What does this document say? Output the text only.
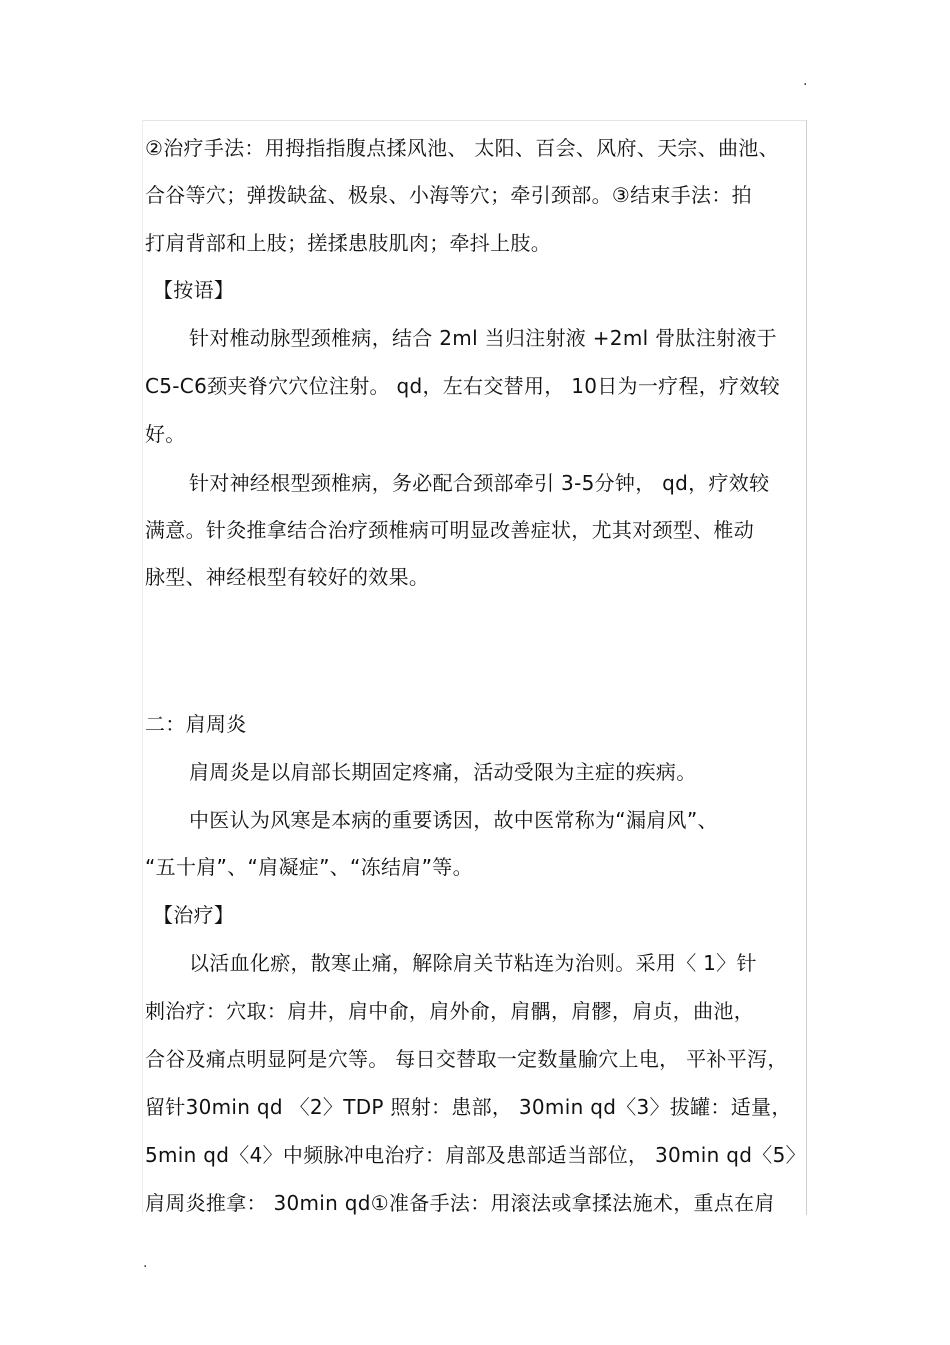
.
.
②治疗手法：用拇指指腹点揉风池、 太阳、百会、风府、天宗、曲池、
合谷等穴；弹拨缺盆、极泉、小海等穴；牵引颈部。③结束手法：拍
打肩背部和上肢；搓揉患肢肌肉；牵抖上肢。
【按语】
针对椎动脉型颈椎病，结合 2ml 当归注射液 +2ml 骨肽注射液于
C5-C6颈夹脊穴穴位注射。 qd，左右交替用， 10日为一疗程，疗效较
好。
针对神经根型颈椎病，务必配合颈部牵引 3-5分钟， qd，疗效较
满意。针灸推拿结合治疗颈椎病可明显改善症状，尤其对颈型、椎动
脉型、神经根型有较好的效果。
二：肩周炎
肩周炎是以肩部长期固定疼痛，活动受限为主症的疾病。
中医认为风寒是本病的重要诱因，故中医常称为“漏肩风”、
“五十肩”、“肩凝症”、“冻结肩”等。
【治疗】
以活血化瘀，散寒止痛，解除肩关节粘连为治则。采用〈 1〉针
刺治疗：穴取：肩井，肩中俞，肩外俞，肩髃，肩髎，肩贞，曲池，
合谷及痛点明显阿是穴等。 每日交替取一定数量腧穴上电， 平补平泻，
留针30min qd 〈2〉TDP 照射：患部， 30min qd〈3〉拔罐：适量，
5min qd〈4〉中频脉冲电治疗：肩部及患部适当部位， 30min qd〈5〉
肩周炎推拿： 30min qd①准备手法：用滚法或拿揉法施术，重点在肩
